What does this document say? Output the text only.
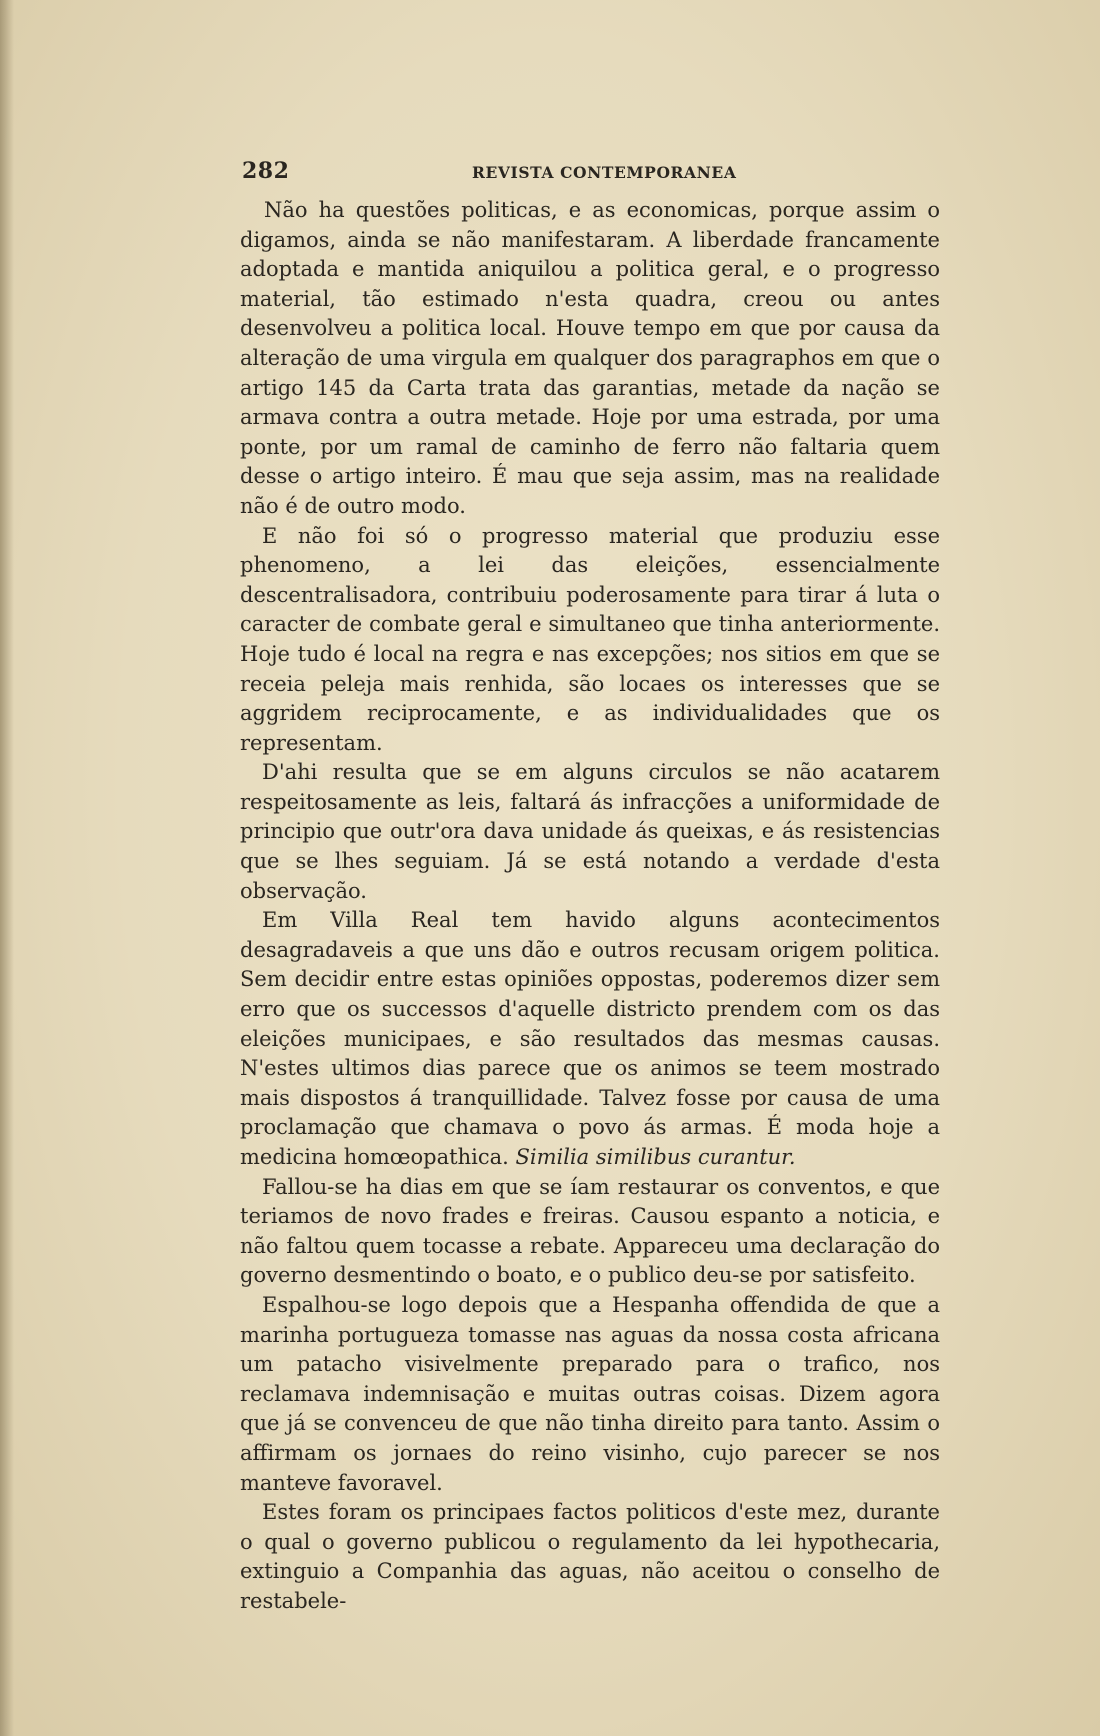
282	REVISTA CONTEMPORANEA

Não ha questões politicas, e as economicas, porque assim o digamos, ainda se não manifestaram. A liberdade francamente adoptada e mantida aniquilou a politica geral, e o progresso material, tão estimado n'esta quadra, creou ou antes desenvolveu a politica local. Houve tempo em que por causa da alteração de uma virgula em qualquer dos paragraphos em que o artigo 145 da Carta trata das garantias, metade da nação se armava contra a outra metade. Hoje por uma estrada, por uma ponte, por um ramal de caminho de ferro não faltaria quem desse o artigo inteiro. É mau que seja assim, mas na realidade não é de outro modo.

E não foi só o progresso material que produziu esse phenomeno, a lei das eleições, essencialmente descentralisadora, contribuiu poderosamente para tirar á luta o caracter de combate geral e simultaneo que tinha anteriormente. Hoje tudo é local na regra e nas excepções; nos sitios em que se receia peleja mais renhida, são locaes os interesses que se aggridem reciprocamente, e as individualidades que os representam.

D'ahi resulta que se em alguns circulos se não acatarem respeitosamente as leis, faltará ás infracções a uniformidade de principio que outr'ora dava unidade ás queixas, e ás resistencias que se lhes seguiam. Já se está notando a verdade d'esta observação.

Em Villa Real tem havido alguns acontecimentos desagradaveis a que uns dão e outros recusam origem politica. Sem decidir entre estas opiniões oppostas, poderemos dizer sem erro que os successos d'aquelle districto prendem com os das eleições municipaes, e são resultados das mesmas causas. N'estes ultimos dias parece que os animos se teem mostrado mais dispostos á tranquillidade. Talvez fosse por causa de uma proclamação que chamava o povo ás armas. É moda hoje a medicina homœopathica. Similia similibus curantur.

Fallou-se ha dias em que se íam restaurar os conventos, e que teriamos de novo frades e freiras. Causou espanto a noticia, e não faltou quem tocasse a rebate. Appareceu uma declaração do governo desmentindo o boato, e o publico deu-se por satisfeito.

Espalhou-se logo depois que a Hespanha offendida de que a marinha portugueza tomasse nas aguas da nossa costa africana um patacho visivelmente preparado para o trafico, nos reclamava indemnisação e muitas outras coisas. Dizem agora que já se convenceu de que não tinha direito para tanto. Assim o affirmam os jornaes do reino visinho, cujo parecer se nos manteve favoravel.

Estes foram os principaes factos politicos d'este mez, durante o qual o governo publicou o regulamento da lei hypothecaria, extinguio a Companhia das aguas, não aceitou o conselho de restabele-
